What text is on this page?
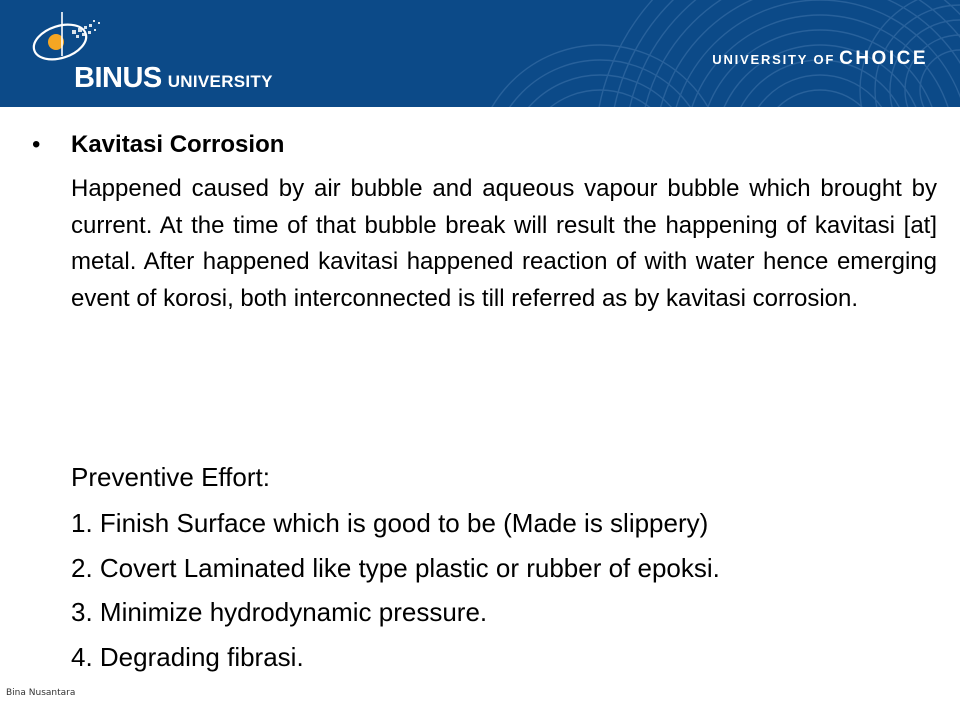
BINUS UNIVERSITY
UNIVERSITY OF CHOICE
• Kavitasi Corrosion

Happened caused by air bubble and aqueous vapour bubble which brought by current. At the time of that bubble break will result the happening of kavitasi [at] metal. After happened kavitasi happened reaction of with water hence emerging event of korosi, both interconnected is till referred as by kavitasi corrosion.

Preventive Effort:
1. Finish Surface which is good to be (Made is slippery)
2. Covert Laminated like type plastic or rubber of epoksi.
3. Minimize hydrodynamic pressure.
4. Degrading fibrasi.
Bina Nusantara
